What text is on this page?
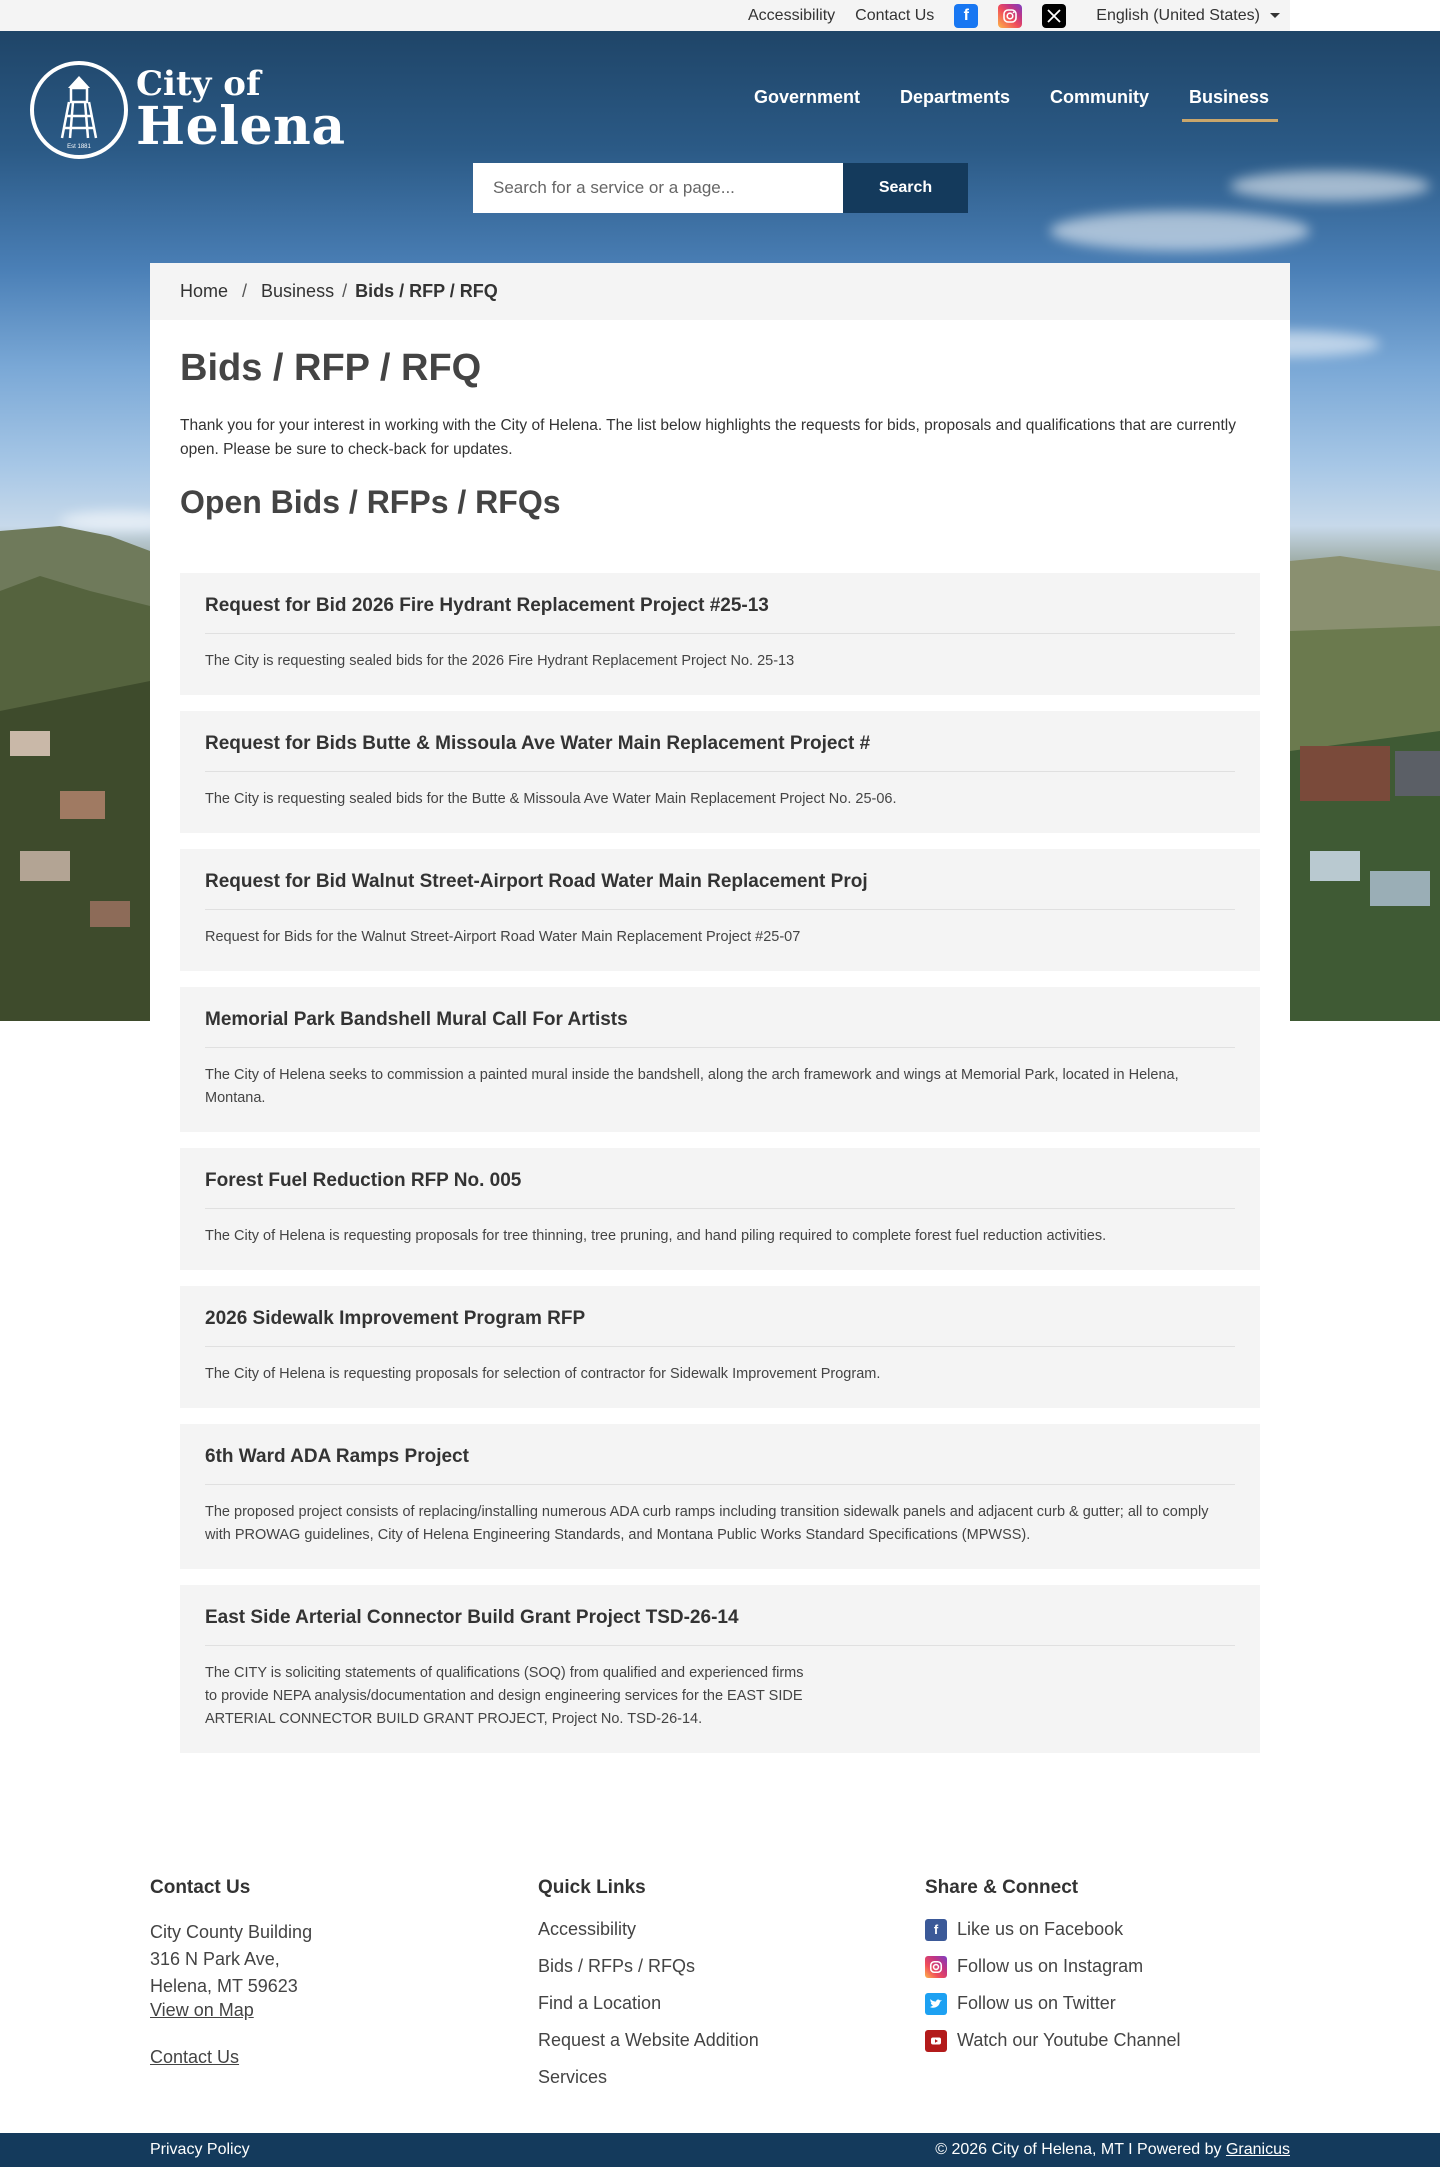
Accessibility Contact Us	f	English (United States)
Est 1881
City of
Helena	Government Departments Community Business
Search for a service or a page...
Search
Home / Business / Bids / RFP / RFQ
Bids / RFP / RFQ

Thank you for your interest in working with the City of Helena. The list below highlights the requests for bids, proposals and qualifications that are currently open. Please be sure to check-back for updates.

Open Bids / RFPs / RFQs
Request for Bid 2026 Fire Hydrant Replacement Project #25-13
The City is requesting sealed bids for the 2026 Fire Hydrant Replacement Project No. 25-13
Request for Bids Butte & Missoula Ave Water Main Replacement Project #
The City is requesting sealed bids for the Butte & Missoula Ave Water Main Replacement Project No. 25-06.
Request for Bid Walnut Street-Airport Road Water Main Replacement Proj
Request for Bids for the Walnut Street-Airport Road Water Main Replacement Project #25-07
Memorial Park Bandshell Mural Call For Artists
The City of Helena seeks to commission a painted mural inside the bandshell, along the arch framework and wings at Memorial Park, located in Helena, Montana.
Forest Fuel Reduction RFP No. 005
The City of Helena is requesting proposals for tree thinning, tree pruning, and hand piling required to complete forest fuel reduction activities.
2026 Sidewalk Improvement Program RFP
The City of Helena is requesting proposals for selection of contractor for Sidewalk Improvement Program.
6th Ward ADA Ramps Project
The proposed project consists of replacing/installing numerous ADA curb ramps including transition sidewalk panels and adjacent curb & gutter; all to comply with PROWAG guidelines, City of Helena Engineering Standards, and Montana Public Works Standard Specifications (MPWSS).
East Side Arterial Connector Build Grant Project TSD-26-14
The CITY is soliciting statements of qualifications (SOQ) from qualified and experienced firms
to provide NEPA analysis/documentation and design engineering services for the EAST SIDE
ARTERIAL CONNECTOR BUILD GRANT PROJECT, Project No. TSD-26-14.
Contact Us
City County Building
316 N Park Ave,
Helena, MT 59623
View on Map
Contact Us
Quick Links
Accessibility
Bids / RFPs / RFQs
Find a Location
Request a Website Addition
Services
Share & Connect
f	Like us on Facebook
Follow us on Instagram
Follow us on Twitter
Watch our Youtube Channel
Privacy Policy	© 2026 City of Helena, MT I Powered by Granicus
